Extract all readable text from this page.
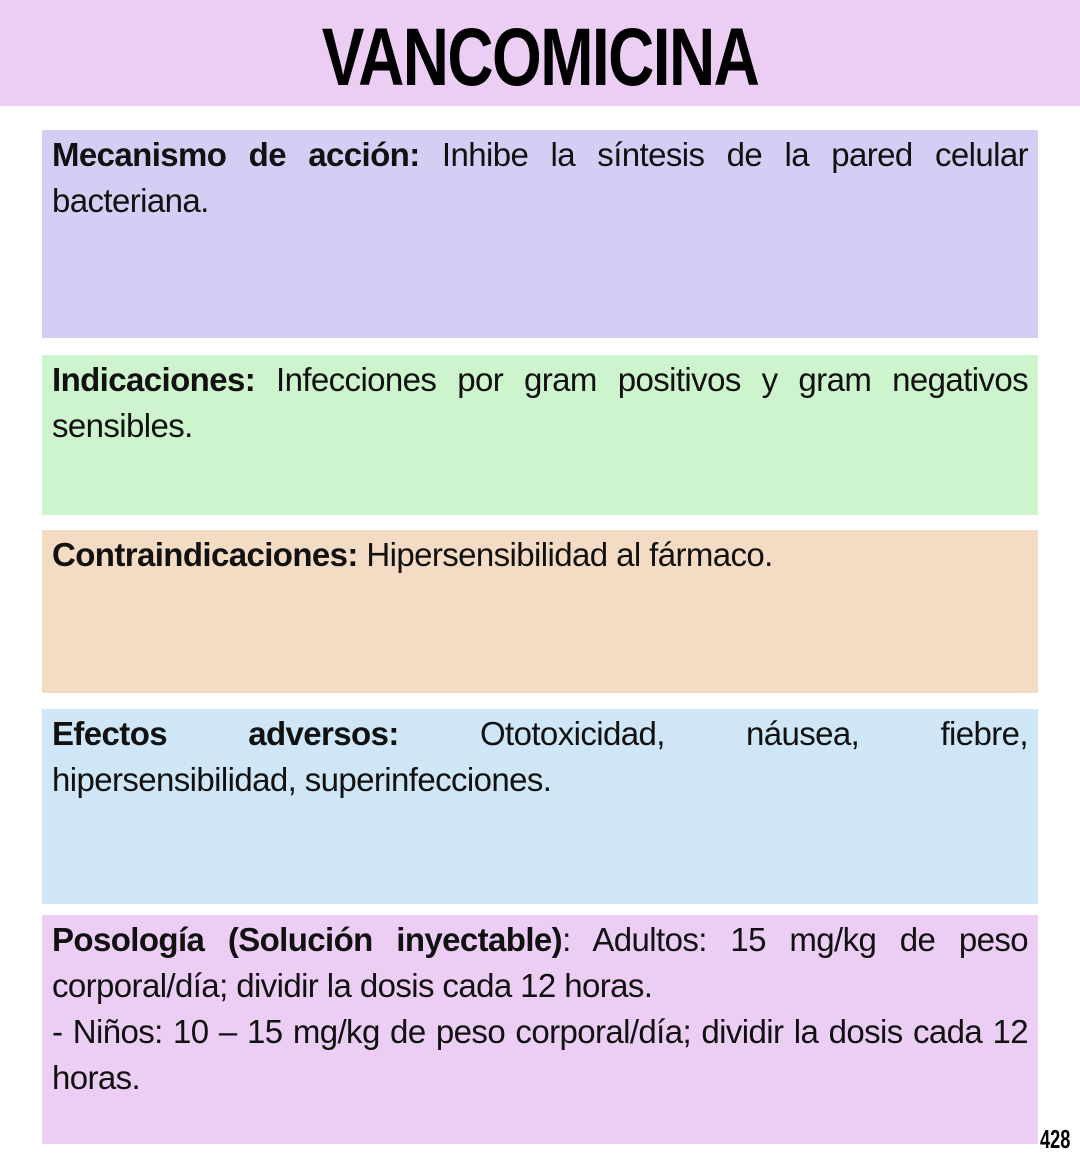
VANCOMICINA
Mecanismo de acción: Inhibe la síntesis de la pared celular bacteriana.
Indicaciones: Infecciones por gram positivos y gram negativos sensibles.
Contraindicaciones: Hipersensibilidad al fármaco.
Efectos adversos: Ototoxicidad, náusea, fiebre,
hipersensibilidad, superinfecciones.
Posología (Solución inyectable): Adultos: 15 mg/kg de peso corporal/día; dividir la dosis cada 12 horas.
- Niños: 10 – 15 mg/kg de peso corporal/día; dividir la dosis cada 12 horas.
428
